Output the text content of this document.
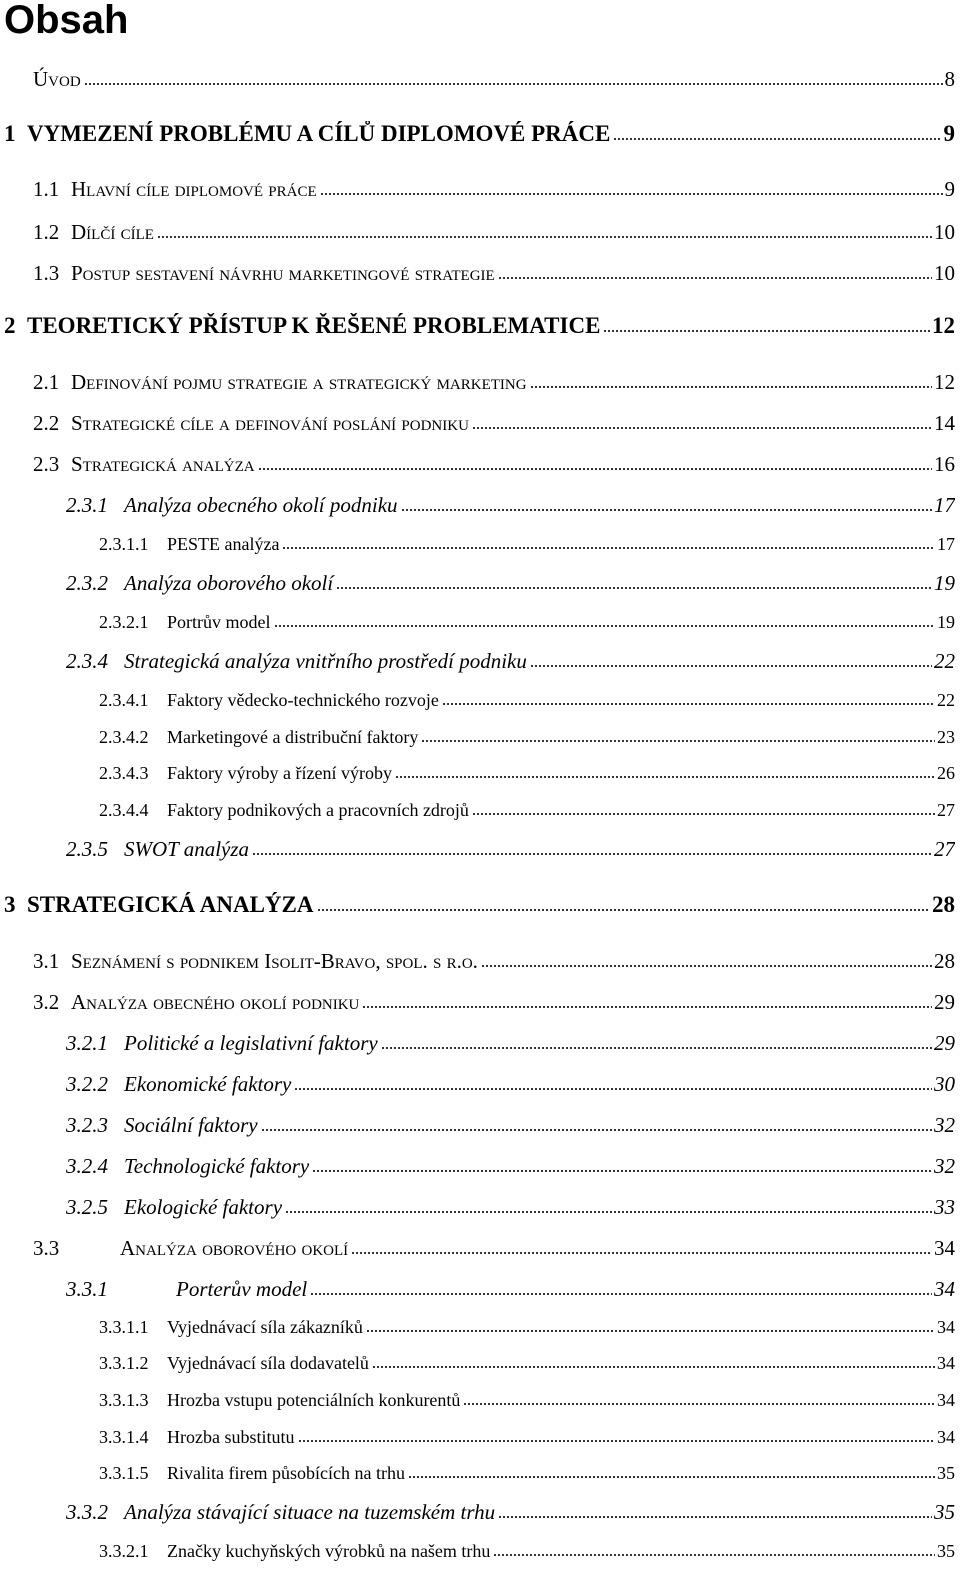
Obsah
Úvod	8
1 VYMEZENÍ PROBLÉMU A CÍLŮ DIPLOMOVÉ PRÁCE	9
1.1 Hlavní cíle diplomové práce	9
1.2 Dílčí cíle	10
1.3 Postup sestavení návrhu marketingové strategie	10
2 TEORETICKÝ PŘÍSTUP K ŘEŠENÉ PROBLEMATICE	12
2.1 Definování pojmu strategie a strategický marketing	12
2.2 Strategické cíle a definování poslání podniku	14
2.3 Strategická analýza	16
2.3.1 Analýza obecného okolí podniku	17
2.3.1.1	PESTE analýza	17
2.3.2 Analýza oborového okolí	19
2.3.2.1	Portrův model	19
2.3.4 Strategická analýza vnitřního prostředí podniku	22
2.3.4.1	Faktory vědecko-technického rozvoje	22
2.3.4.2	Marketingové a distribuční faktory	23
2.3.4.3	Faktory výroby a řízení výroby	26
2.3.4.4	Faktory podnikových a pracovních zdrojů	27
2.3.5 SWOT analýza	27
3 STRATEGICKÁ ANALÝZA	28
3.1 Seznámení s podnikem Isolit-Bravo, spol. s r.o.	28
3.2 Analýza obecného okolí podniku	29
3.2.1 Politické a legislativní faktory	29
3.2.2 Ekonomické faktory	30
3.2.3 Sociální faktory	32
3.2.4 Technologické faktory	32
3.2.5 Ekologické faktory	33
3.3	Analýza oborového okolí	34
3.3.1	Porterův model	34
3.3.1.1	Vyjednávací síla zákazníků	34
3.3.1.2	Vyjednávací síla dodavatelů	34
3.3.1.3	Hrozba vstupu potenciálních konkurentů	34
3.3.1.4	Hrozba substitutu	34
3.3.1.5	Rivalita firem působících na trhu	35
3.3.2 Analýza stávající situace na tuzemském trhu	35
3.3.2.1	Značky kuchyňských výrobků na našem trhu	35
